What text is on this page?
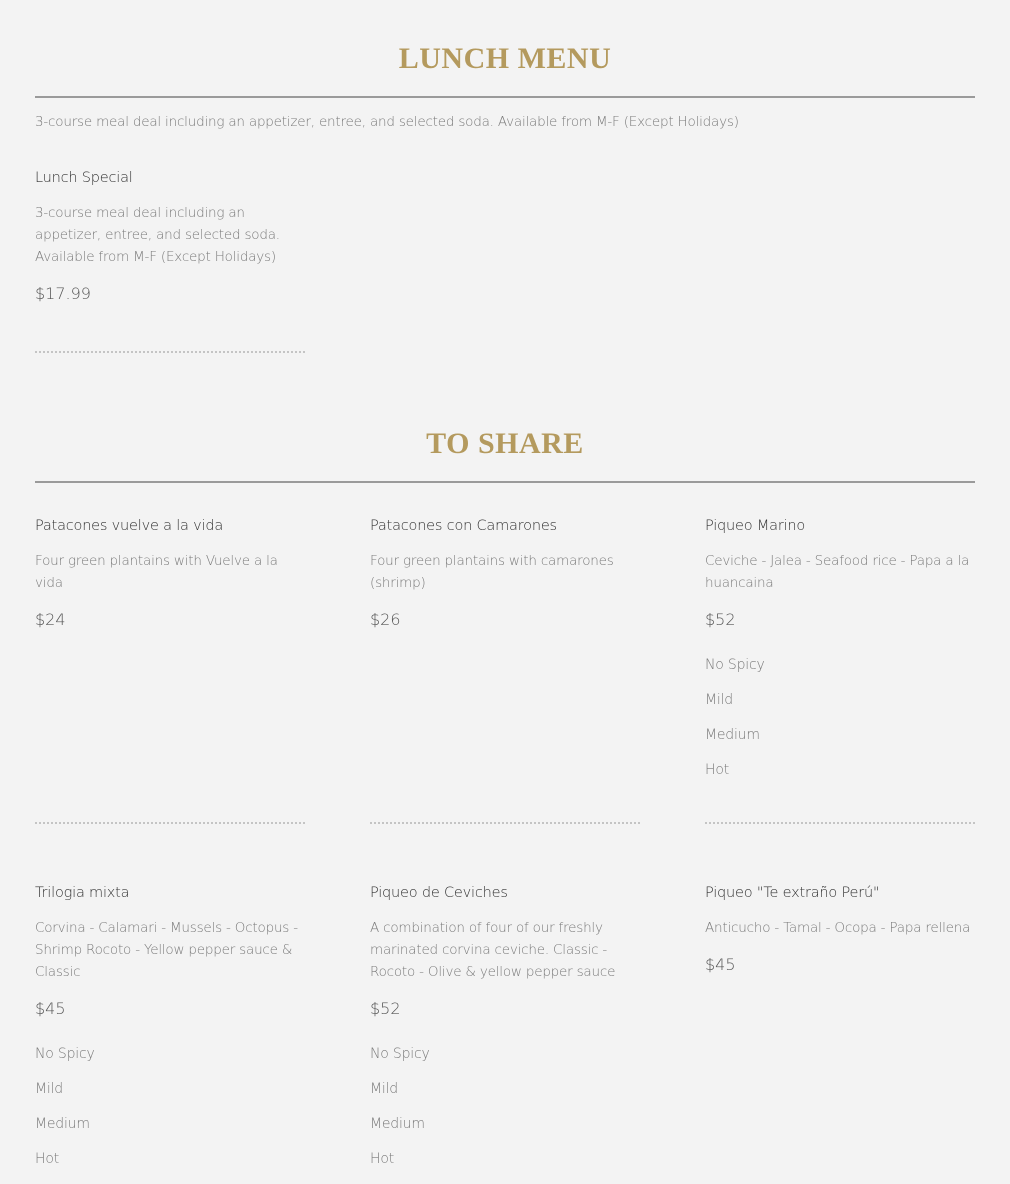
LUNCH MENU
3-course meal deal including an appetizer, entree, and selected soda. Available from M-F (Except Holidays)
Lunch Special
3-course meal deal including an appetizer, entree, and selected soda. Available from M-F (Except Holidays)
$17.99
TO SHARE
Patacones vuelve a la vida
Four green plantains with Vuelve a la vida
$24
Patacones con Camarones
Four green plantains with camarones (shrimp)
$26
Piqueo Marino
Ceviche - Jalea - Seafood rice - Papa a la huancaina
$52
No Spicy
Mild
Medium
Hot
Trilogia mixta
Corvina - Calamari - Mussels - Octopus - Shrimp Rocoto - Yellow pepper sauce & Classic
$45
No Spicy
Mild
Medium
Hot
Piqueo de Ceviches
A combination of four of our freshly marinated corvina ceviche. Classic - Rocoto - Olive & yellow pepper sauce
$52
No Spicy
Mild
Medium
Hot
Piqueo "Te extraño Perú"
Anticucho - Tamal - Ocopa - Papa rellena
$45
